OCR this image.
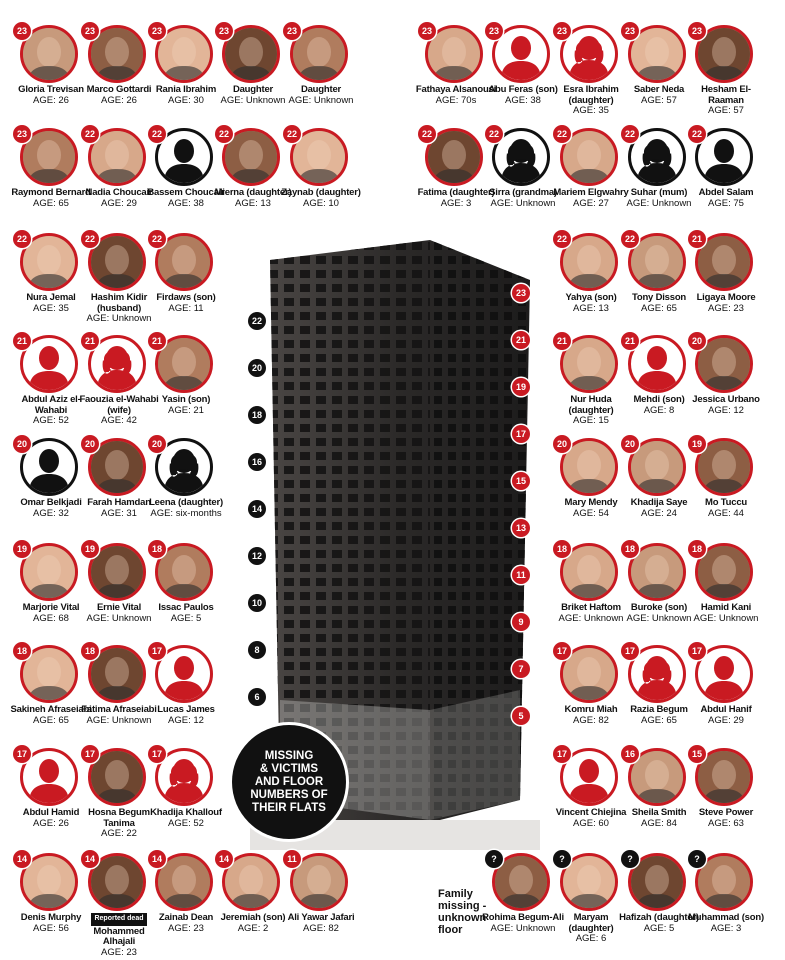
22
20
18
16
14
12
10
8
6
23
21
19
17
15
13
11
9
7
5
MISSING
& VICTIMS
AND FLOOR
NUMBERS OF
THEIR FLATS
Family
missing -
unknown
floor
23
Gloria Trevisan
AGE: 26
23
Marco Gottardi
AGE: 26
23
Rania Ibrahim
AGE: 30
23
Daughter
AGE: Unknown
23
Daughter
AGE: Unknown
23
Fathaya Alsanousi
AGE: 70s
23
Abu Feras (son)
AGE: 38
23
Esra Ibrahim (daughter)
AGE: 35
23
Saber Neda
AGE: 57
23
Hesham El-Raaman
AGE: 57
23
Raymond Bernard
AGE: 65
22
Nadia Choucair
AGE: 29
22
Bassem Choucair
AGE: 38
22
Mierna (daughter)
AGE: 13
22
Zaynab (daughter)
AGE: 10
22
Fatima (daughter)
AGE: 3
22
Sirra (grandma)
AGE: Unknown
22
Mariem Elgwahry
AGE: 27
22
Suhar (mum)
AGE: Unknown
22
Abdel Salam
AGE: 75
22
Nura Jemal
AGE: 35
22
Hashim Kidir (husband)
AGE: Unknown
22
Firdaws (son)
AGE: 11
22
Yahya (son)
AGE: 13
22
Tony Disson
AGE: 65
21
Ligaya Moore
AGE: 23
21
Abdul Aziz el-Wahabi
AGE: 52
21
Faouzia el-Wahabi (wife)
AGE: 42
21
Yasin (son)
AGE: 21
21
Nur Huda (daughter)
AGE: 15
21
Mehdi (son)
AGE: 8
20
Jessica Urbano
AGE: 12
20
Omar Belkjadi
AGE: 32
20
Farah Hamdan
AGE: 31
20
Leena (daughter)
AGE: six-months
20
Mary Mendy
AGE: 54
20
Khadija Saye
AGE: 24
19
Mo Tuccu
AGE: 44
19
Marjorie Vital
AGE: 68
19
Ernie Vital
AGE: Unknown
18
Issac Paulos
AGE: 5
18
Briket Haftom
AGE: Unknown
18
Buroke (son)
AGE: Unknown
18
Hamid Kani
AGE: Unknown
18
Sakineh Afraseiabi
AGE: 65
18
Fatima Afraseiabi
AGE: Unknown
17
Lucas James
AGE: 12
17
Komru Miah
AGE: 82
17
Razia Begum
AGE: 65
17
Abdul Hanif
AGE: 29
17
Abdul Hamid
AGE: 26
17
Hosna Begum Tanima
AGE: 22
17
Khadija Khallouf
AGE: 52
17
Vincent Chiejina
AGE: 60
16
Sheila Smith
AGE: 84
15
Steve Power
AGE: 63
14
Denis Murphy
AGE: 56
14
Reported dead
Mohammed Alhajali
AGE: 23
14
Zainab Dean
AGE: 23
14
Jeremiah (son)
AGE: 2
11
Ali Yawar Jafari
AGE: 82
?
Rohima Begum-Ali
AGE: Unknown
?
Maryam (daughter)
AGE: 6
?
Hafizah (daughter)
AGE: 5
?
Muhammad (son)
AGE: 3
